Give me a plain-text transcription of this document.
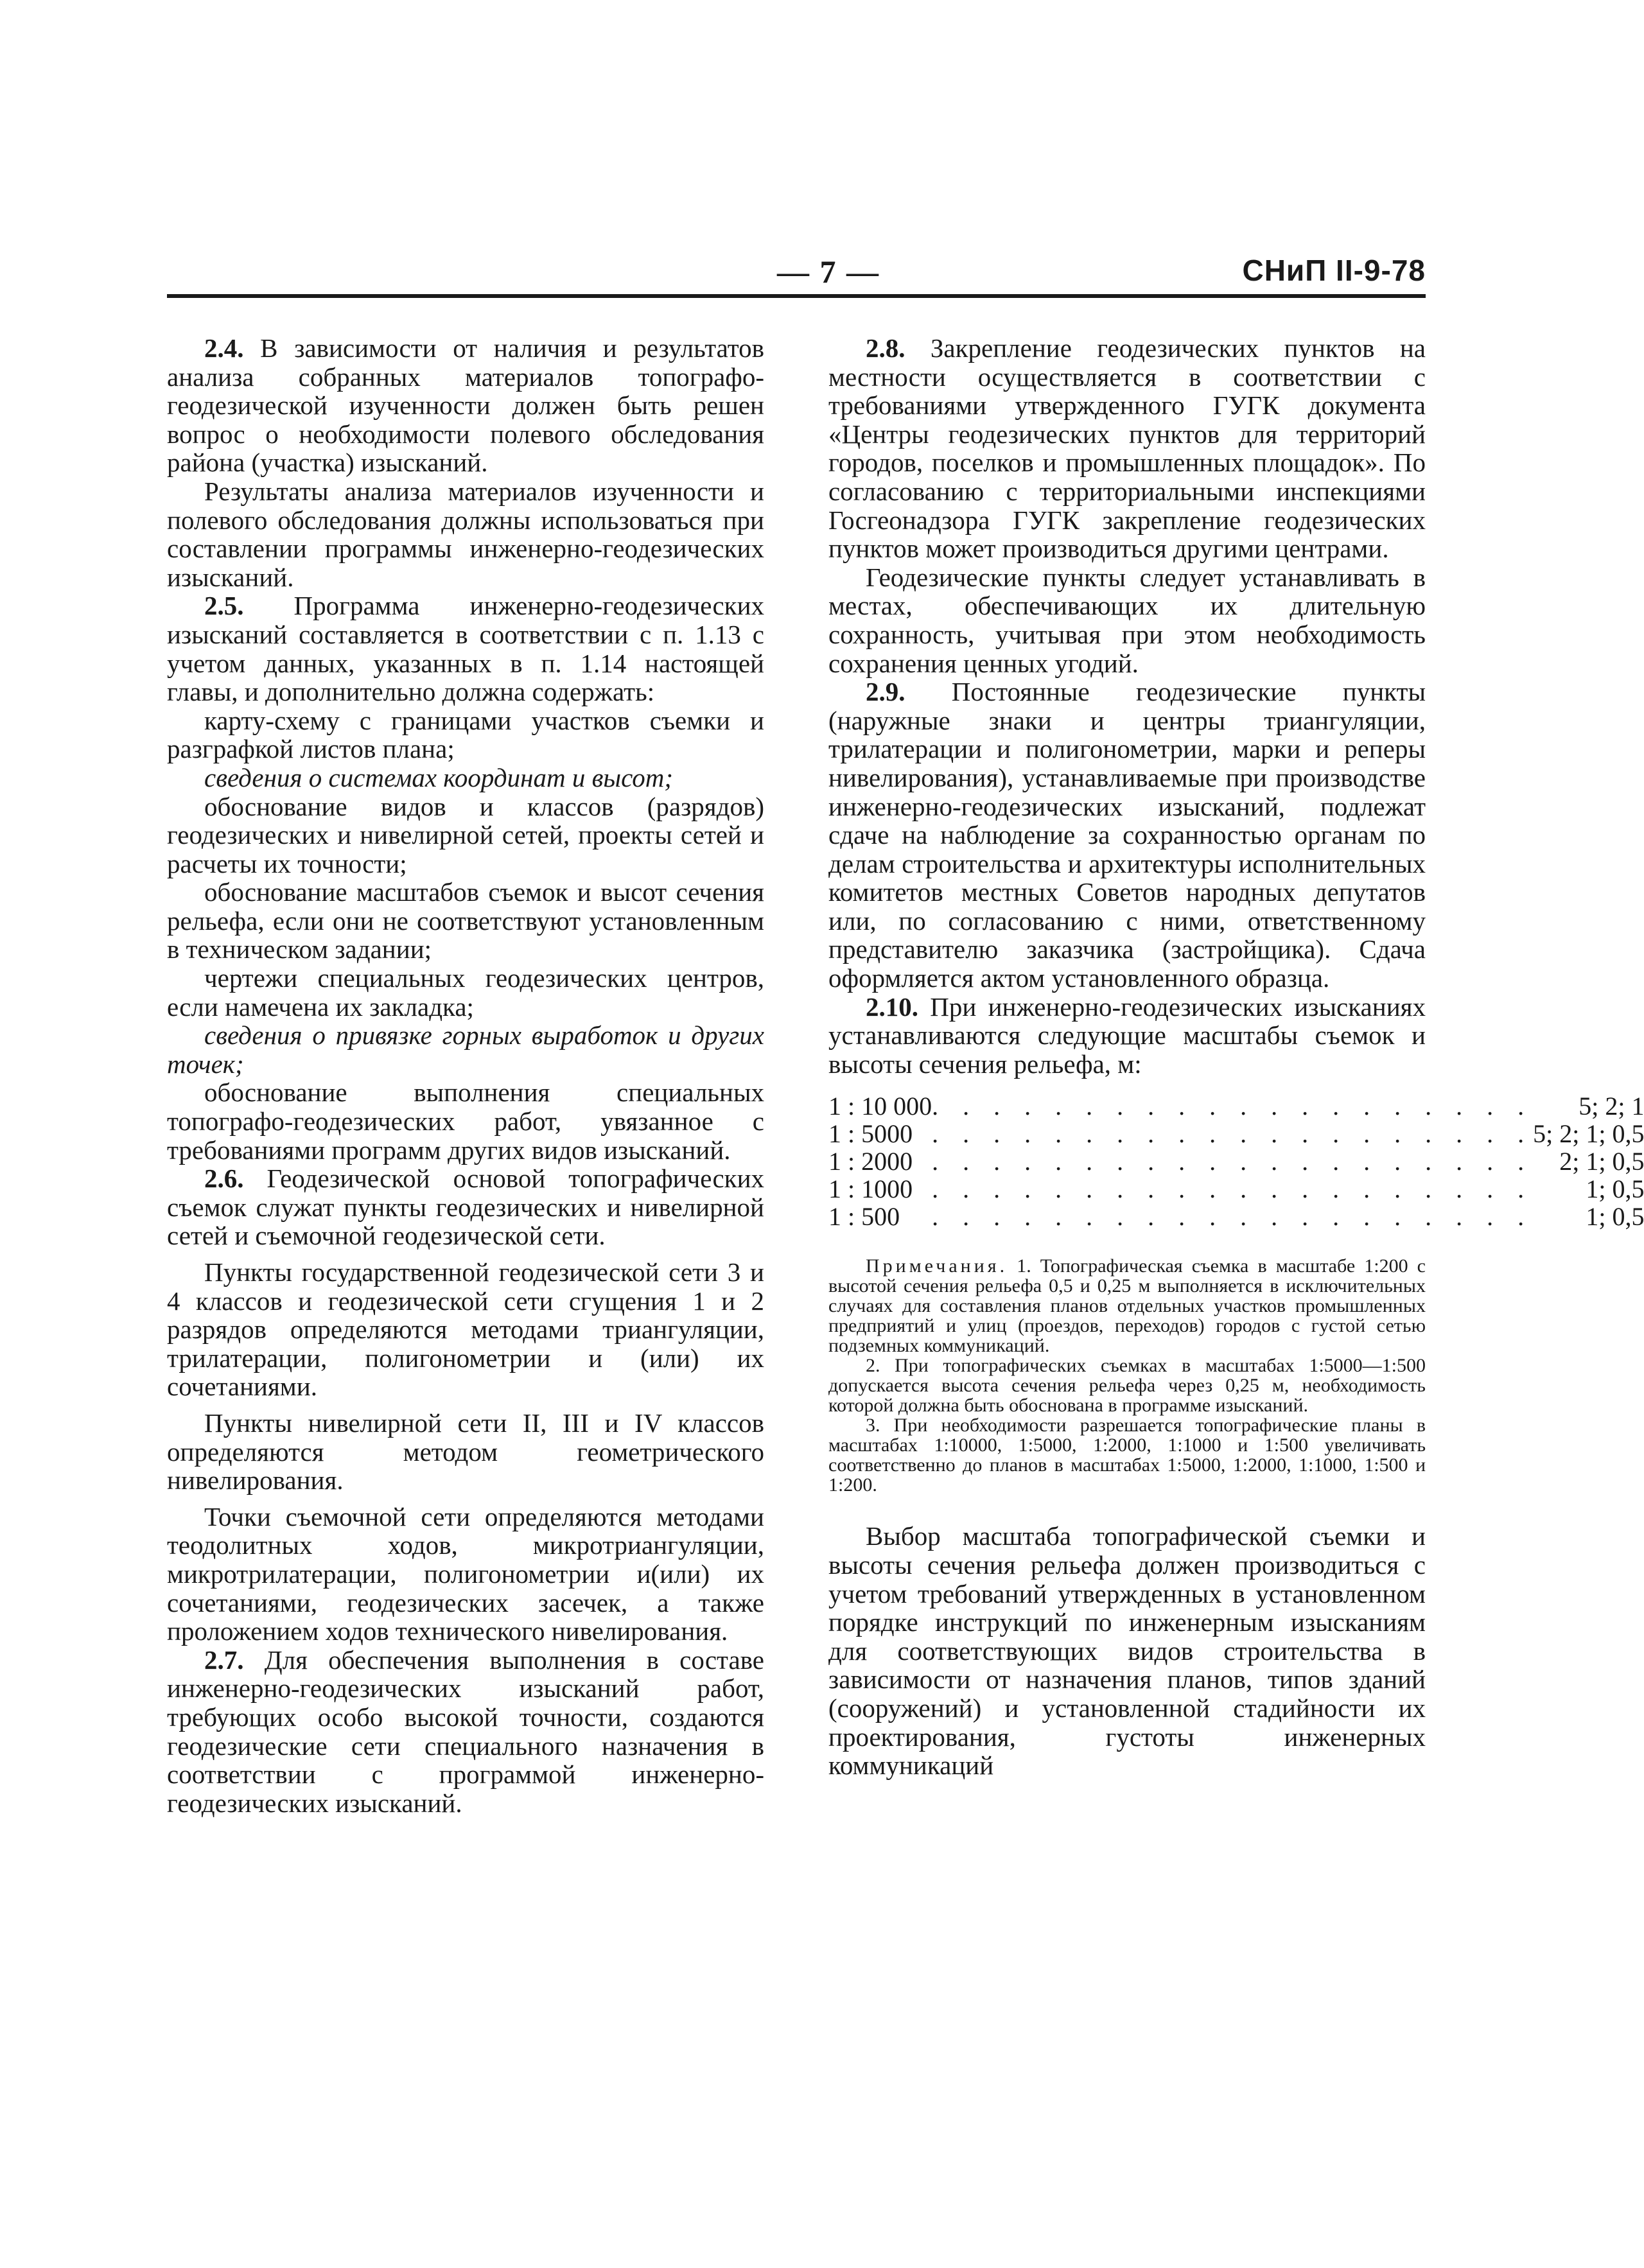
— 7 —	СНиП II-9-78

2.4. В зависимости от наличия и результатов анализа собранных материалов топографо-геодезической изученности должен быть решен вопрос о необходимости полевого обследования района (участка) изысканий.

Результаты анализа материалов изученности и полевого обследования должны использоваться при составлении программы инженерно-геодезических изысканий.

2.5. Программа инженерно-геодезических изысканий составляется в соответствии с п. 1.13 с учетом данных, указанных в п. 1.14 настоящей главы, и дополнительно должна содержать:

карту-схему с границами участков съемки и разграфкой листов плана;

сведения о системах координат и высот;

обоснование видов и классов (разрядов) геодезических и нивелирной сетей, проекты сетей и расчеты их точности;

обоснование масштабов съемок и высот сечения рельефа, если они не соответствуют установленным в техническом задании;

чертежи специальных геодезических центров, если намечена их закладка;

сведения о привязке горных выработок и других точек;

обоснование выполнения специальных топографо-геодезических работ, увязанное с требованиями программ других видов изысканий.

2.6. Геодезической основой топографических съемок служат пункты геодезических и нивелирной сетей и съемочной геодезической сети.

Пункты государственной геодезической сети 3 и 4 классов и геодезической сети сгущения 1 и 2 разрядов определяются методами триангуляции, трилатерации, полигонометрии и (или) их сочетаниями.

Пункты нивелирной сети II, III и IV классов определяются методом геометрического нивелирования.

Точки съемочной сети определяются методами теодолитных ходов, микротриангуляции, микротрилатерации, полигонометрии и(или) их сочетаниями, геодезических засечек, а также проложением ходов технического нивелирования.

2.7. Для обеспечения выполнения в составе инженерно-геодезических изысканий работ, требующих особо высокой точности, создаются геодезические сети специального назначения в соответствии с программой инженерно-геодезических изысканий.

2.8. Закрепление геодезических пунктов на местности осуществляется в соответствии с требованиями утвержденного ГУГК документа «Центры геодезических пунктов для территорий городов, поселков и промышленных площадок». По согласованию с территориальными инспекциями Госгеонадзора ГУГК закрепление геодезических пунктов может производиться другими центрами.

Геодезические пункты следует устанавливать в местах, обеспечивающих их длительную сохранность, учитывая при этом необходимость сохранения ценных угодий.

2.9. Постоянные геодезические пункты (наружные знаки и центры триангуляции, трилатерации и полигонометрии, марки и реперы нивелирования), устанавливаемые при производстве инженерно-геодезических изысканий, подлежат сдаче на наблюдение за сохранностью органам по делам строительства и архитектуры исполнительных комитетов местных Советов народных депутатов или, по согласованию с ними, ответственному представителю заказчика (застройщика). Сдача оформляется актом установленного образца.

2.10. При инженерно-геодезических изысканиях устанавливаются следующие масштабы съемок и высоты сечения рельефа, м:

1 : 10 000	. . . . . . . . . . . . . . . . . . . .	5; 2; 1
1 : 5000	. . . . . . . . . . . . . . . . . . . .	5; 2; 1; 0,5
1 : 2000	. . . . . . . . . . . . . . . . . . . .	2; 1; 0,5
1 : 1000	. . . . . . . . . . . . . . . . . . . .	1; 0,5
1 : 500	. . . . . . . . . . . . . . . . . . . .	1; 0,5

Примечания. 1. Топографическая съемка в масштабе 1:200 с высотой сечения рельефа 0,5 и 0,25 м выполняется в исключительных случаях для составления планов отдельных участков промышленных предприятий и улиц (проездов, переходов) городов с густой сетью подземных коммуникаций.

2. При топографических съемках в масштабах 1:5000—1:500 допускается высота сечения рельефа через 0,25 м, необходимость которой должна быть обоснована в программе изысканий.

3. При необходимости разрешается топографические планы в масштабах 1:10000, 1:5000, 1:2000, 1:1000 и 1:500 увеличивать соответственно до планов в масштабах 1:5000, 1:2000, 1:1000, 1:500 и 1:200.

Выбор масштаба топографической съемки и высоты сечения рельефа должен производиться с учетом требований утвержденных в установленном порядке инструкций по инженерным изысканиям для соответствующих видов строительства в зависимости от назначения планов, типов зданий (сооружений) и установленной стадийности их проектирования, густоты инженерных коммуникаций
